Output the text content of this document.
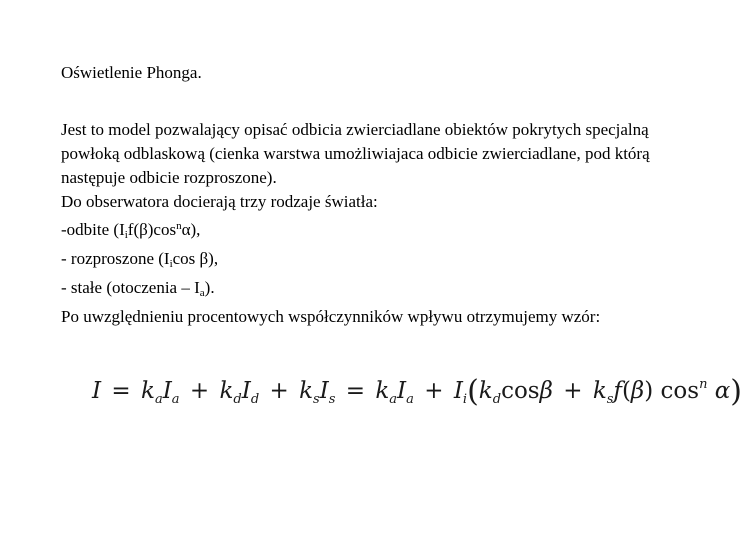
Oświetlenie Phonga.

Jest to model pozwalający opisać odbicia zwierciadlane obiektów pokrytych specjalną powłoką odblaskową (cienka warstwa umożliwiajaca odbicie zwierciadlane, pod którą następuje odbicie rozproszone).

Do obserwatora docierają trzy rodzaje światła:

-odbite $(I_if(\beta)\cos^n\alpha)$,

- rozproszone ($I_i\cos$ β),

- stałe (otoczenia – $I_a$).

Po uwzględnieniu procentowych współczynników wpływu otrzymujemy wzór:

$I = k_aI_a + k_dI_d + k_sI_s = k_aI_a + I_i(k_d\cos\beta + k_sf(\beta)$ $\cos^n \alpha$)
